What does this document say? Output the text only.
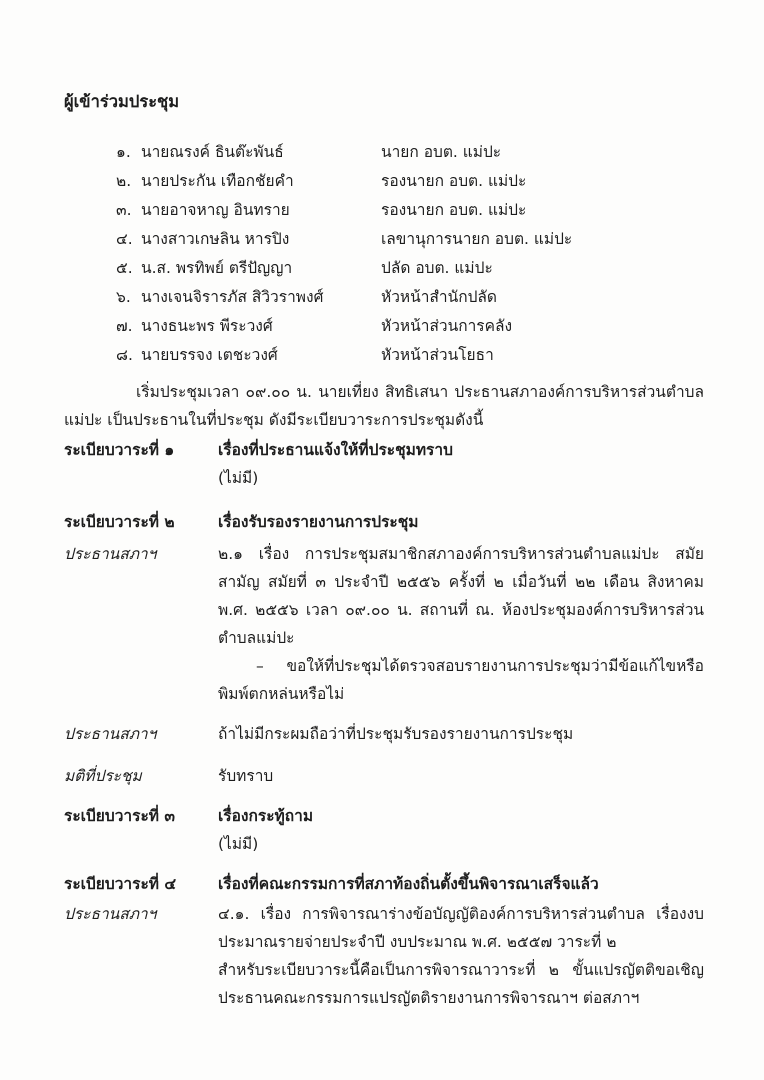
ผู้เข้าร่วมประชุม
๑. นายณรงค์ ธินต๊ะพันธ์	นายก อบต. แม่ปะ
๒. นายประกัน เทือกชัยคำ	รองนายก อบต. แม่ปะ
๓. นายอาจหาญ อินทราย	รองนายก อบต. แม่ปะ
๔. นางสาวเกษลิน หารปิง	เลขานุการนายก อบต. แม่ปะ
๕. น.ส. พรทิพย์ ตรีปัญญา	ปลัด อบต. แม่ปะ
๖. นางเจนจิรารภัส สิวิวราพงศ์	หัวหน้าสำนักปลัด
๗. นางธนะพร พีระวงศ์	หัวหน้าส่วนการคลัง
๘. นายบรรจง เตชะวงศ์	หัวหน้าส่วนโยธา

เริ่มประชุมเวลา ๐๙.๐๐ น. นายเที่ยง สิทธิเสนา ประธานสภาองค์การบริหารส่วนตำบลแม่ปะ เป็นประธานในที่ประชุม ดังมีระเบียบวาระการประชุมดังนี้

ระเบียบวาระที่ ๑	เรื่องที่ประธานแจ้งให้ที่ประชุมทราบ
(ไม่มี)
ระเบียบวาระที่ ๒	เรื่องรับรองรายงานการประชุม
ประธานสภาฯ	๒.๑ เรื่อง การประชุมสมาชิกสภาองค์การบริหารส่วนตำบลแม่ปะ สมัยสามัญ สมัยที่ ๓ ประจำปี ๒๕๕๖ ครั้งที่ ๒ เมื่อวันที่ ๒๒ เดือน สิงหาคม พ.ศ. ๒๕๕๖ เวลา ๐๙.๐๐ น. สถานที่ ณ. ห้องประชุมองค์การบริหารส่วนตำบลแม่ปะ

– ขอให้ที่ประชุมได้ตรวจสอบรายงานการประชุมว่ามีข้อแก้ไขหรือพิมพ์ตกหล่นหรือไม่

ประธานสภาฯ	ถ้าไม่มีกระผมถือว่าที่ประชุมรับรองรายงานการประชุม
มติที่ประชุม	รับทราบ
ระเบียบวาระที่ ๓	เรื่องกระทู้ถาม
(ไม่มี)
ระเบียบวาระที่ ๔	เรื่องที่คณะกรรมการที่สภาท้องถิ่นตั้งขึ้นพิจารณาเสร็จแล้ว
ประธานสภาฯ	๔.๑. เรื่อง การพิจารณาร่างข้อบัญญัติองค์การบริหารส่วนตำบล เรื่องงบประมาณรายจ่ายประจำปี งบประมาณ พ.ศ. ๒๕๕๗ วาระที่ ๒

สำหรับระเบียบวาระนี้คือเป็นการพิจารณาวาระที่ ๒ ขั้นแปรญัตติขอเชิญประธานคณะกรรมการแปรญัตติรายงานการพิจารณาฯ ต่อสภาฯ
